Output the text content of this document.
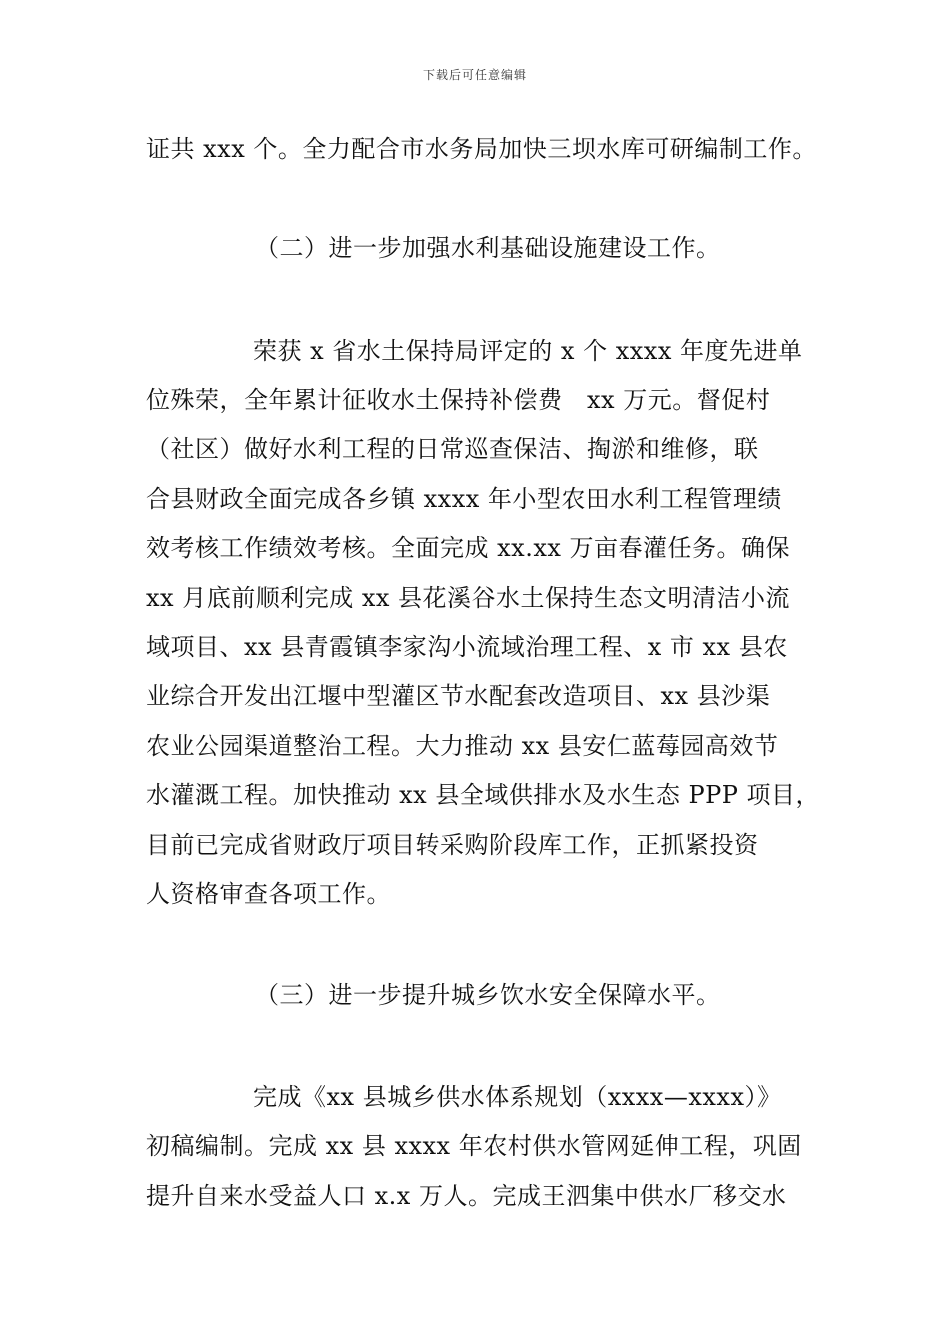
下载后可任意编辑
证共 xxx 个。全力配合市水务局加快三坝水库可研编制工作。
（二）进一步加强水利基础设施建设工作。
荣获 x 省水土保持局评定的 x 个 xxxx 年度先进单
位殊荣，全年累计征收水土保持补偿费　xx 万元。督促村
（社区）做好水利工程的日常巡查保洁、掏淤和维修，联
合县财政全面完成各乡镇 xxxx 年小型农田水利工程管理绩
效考核工作绩效考核。全面完成 xx.xx 万亩春灌任务。确保
xx 月底前顺利完成 xx 县花溪谷水土保持生态文明清洁小流
域项目、xx 县青霞镇李家沟小流域治理工程、x 市 xx 县农
业综合开发出江堰中型灌区节水配套改造项目、xx 县沙渠
农业公园渠道整治工程。大力推动 xx 县安仁蓝莓园高效节
水灌溉工程。加快推动 xx 县全域供排水及水生态 PPP 项目，
目前已完成省财政厅项目转采购阶段库工作，正抓紧投资
人资格审查各项工作。
（三）进一步提升城乡饮水安全保障水平。
完成《xx 县城乡供水体系规划（xxxx—xxxx）》
初稿编制。完成 xx 县 xxxx 年农村供水管网延伸工程，巩固
提升自来水受益人口 x.x 万人。完成王泗集中供水厂移交水
